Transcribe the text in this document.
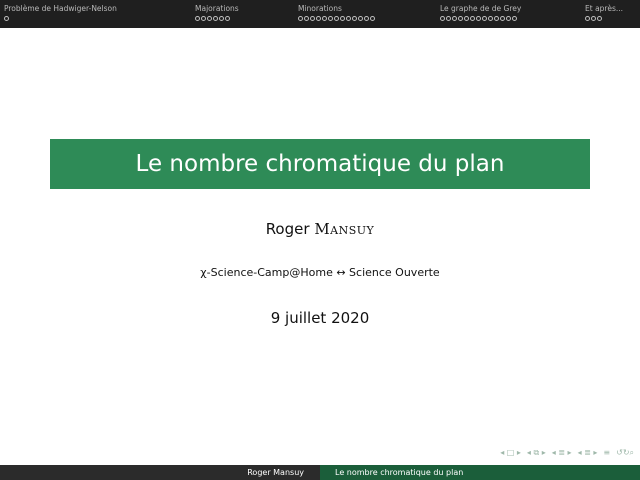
Problème de Hadwiger-Nelson	Majorations	Minorations	Le graphe de de Grey	Et après...
Le nombre chromatique du plan
Roger Mansuy
χ-Science-Camp@Home ↔ Science Ouverte
9 juillet 2020
◂ □ ▸ ◂ ⧉ ▸ ◂ ≣ ▸ ◂ ≣ ▸ ≡ ↺↻⌕
Roger Mansuy	Le nombre chromatique du plan
